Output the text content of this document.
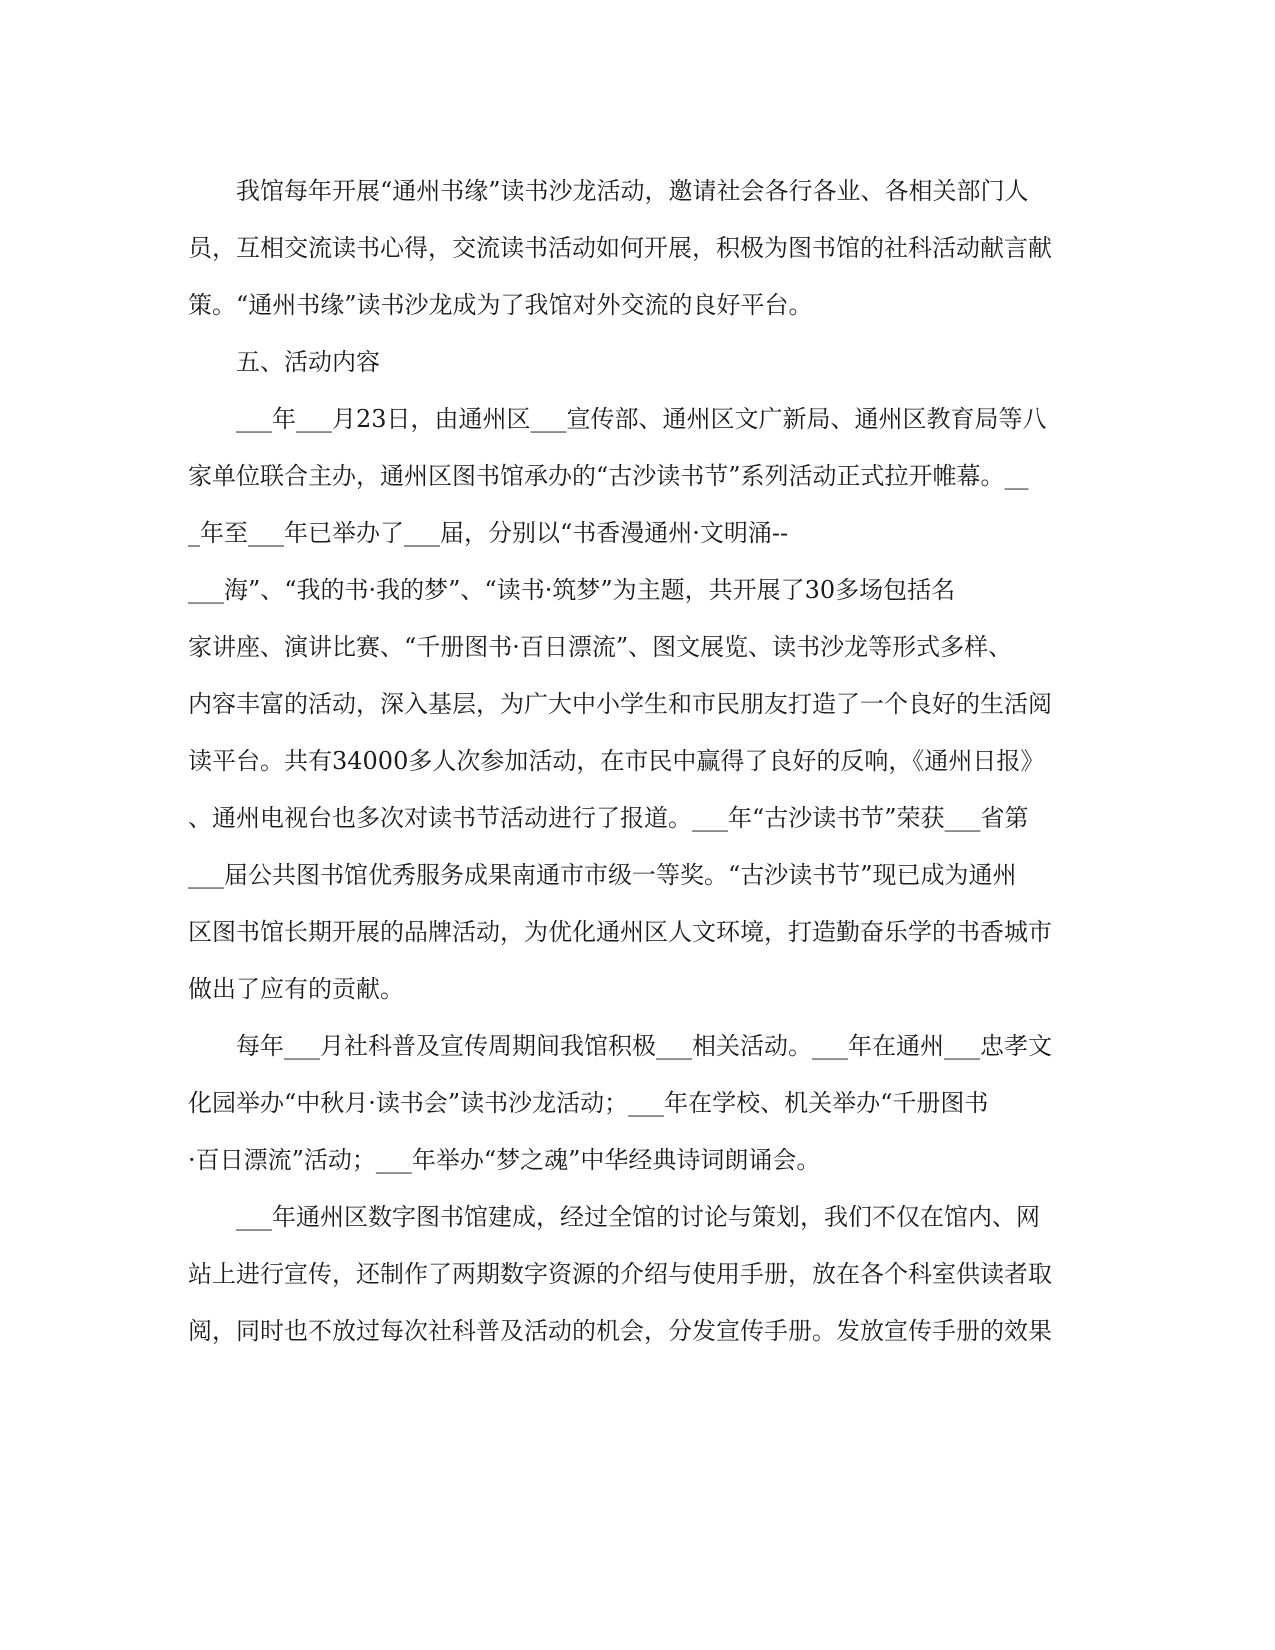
我馆每年开展“通州书缘”读书沙龙活动，邀请社会各行各业、各相关部门人
员，互相交流读书心得，交流读书活动如何开展，积极为图书馆的社科活动献言献
策。“通州书缘”读书沙龙成为了我馆对外交流的良好平台。
五、活动内容
___年___月23日，由通州区___宣传部、通州区文广新局、通州区教育局等八
家单位联合主办，通州区图书馆承办的“古沙读书节”系列活动正式拉开帷幕。__
_年至___年已举办了___届，分别以“书香漫通州·文明涌--
___海”、“我的书·我的梦”、“读书·筑梦”为主题，共开展了30多场包括名
家讲座、演讲比赛、“千册图书·百日漂流”、图文展览、读书沙龙等形式多样、
内容丰富的活动，深入基层，为广大中小学生和市民朋友打造了一个良好的生活阅
读平台。共有34000多人次参加活动，在市民中赢得了良好的反响，《通州日报》
、通州电视台也多次对读书节活动进行了报道。___年“古沙读书节”荣获___省第
___届公共图书馆优秀服务成果南通市市级一等奖。“古沙读书节”现已成为通州
区图书馆长期开展的品牌活动，为优化通州区人文环境，打造勤奋乐学的书香城市
做出了应有的贡献。
每年___月社科普及宣传周期间我馆积极___相关活动。___年在通州___忠孝文
化园举办“中秋月·读书会”读书沙龙活动；___年在学校、机关举办“千册图书
·百日漂流”活动；___年举办“梦之魂”中华经典诗词朗诵会。
___年通州区数字图书馆建成，经过全馆的讨论与策划，我们不仅在馆内、网
站上进行宣传，还制作了两期数字资源的介绍与使用手册，放在各个科室供读者取
阅，同时也不放过每次社科普及活动的机会，分发宣传手册。发放宣传手册的效果
